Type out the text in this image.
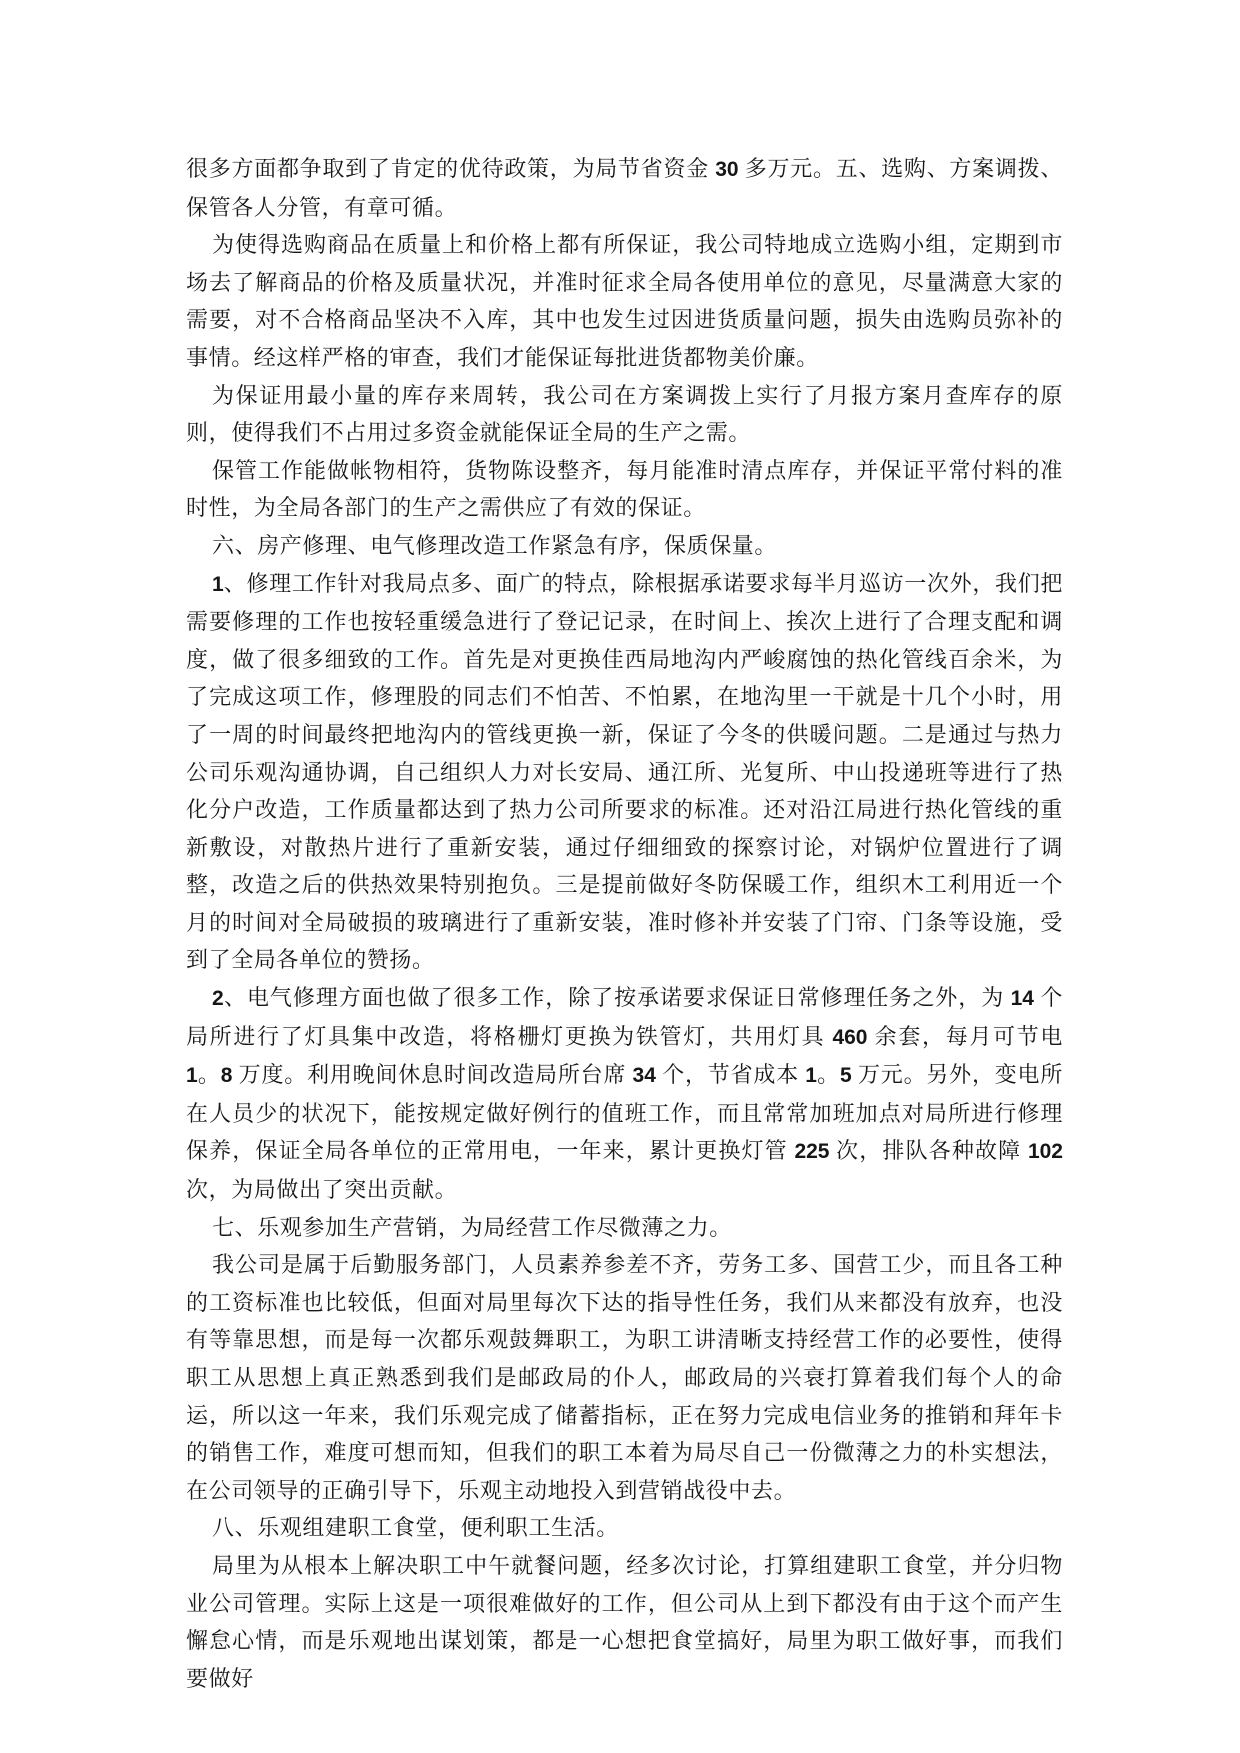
很多方面都争取到了肯定的优待政策，为局节省资金 30 多万元。五、选购、方案调拨、保管各人分管，有章可循。

为使得选购商品在质量上和价格上都有所保证，我公司特地成立选购小组，定期到市场去了解商品的价格及质量状况，并准时征求全局各使用单位的意见，尽量满意大家的需要，对不合格商品坚决不入库，其中也发生过因进货质量问题，损失由选购员弥补的事情。经这样严格的审查，我们才能保证每批进货都物美价廉。

为保证用最小量的库存来周转，我公司在方案调拨上实行了月报方案月查库存的原则，使得我们不占用过多资金就能保证全局的生产之需。

保管工作能做帐物相符，货物陈设整齐，每月能准时清点库存，并保证平常付料的准时性，为全局各部门的生产之需供应了有效的保证。

六、房产修理、电气修理改造工作紧急有序，保质保量。

1、修理工作针对我局点多、面广的特点，除根据承诺要求每半月巡访一次外，我们把需要修理的工作也按轻重缓急进行了登记记录，在时间上、挨次上进行了合理支配和调度，做了很多细致的工作。首先是对更换佳西局地沟内严峻腐蚀的热化管线百余米，为了完成这项工作，修理股的同志们不怕苦、不怕累，在地沟里一干就是十几个小时，用了一周的时间最终把地沟内的管线更换一新，保证了今冬的供暖问题。二是通过与热力公司乐观沟通协调，自己组织人力对长安局、通江所、光复所、中山投递班等进行了热化分户改造，工作质量都达到了热力公司所要求的标准。还对沿江局进行热化管线的重新敷设，对散热片进行了重新安装，通过仔细细致的探察讨论，对锅炉位置进行了调整，改造之后的供热效果特别抱负。三是提前做好冬防保暖工作，组织木工利用近一个月的时间对全局破损的玻璃进行了重新安装，准时修补并安装了门帘、门条等设施，受到了全局各单位的赞扬。

2、电气修理方面也做了很多工作，除了按承诺要求保证日常修理任务之外，为 14 个局所进行了灯具集中改造，将格栅灯更换为铁管灯，共用灯具 460 余套，每月可节电 1。8 万度。利用晚间休息时间改造局所台席 34 个，节省成本 1。5 万元。另外，变电所在人员少的状况下，能按规定做好例行的值班工作，而且常常加班加点对局所进行修理保养，保证全局各单位的正常用电，一年来，累计更换灯管 225 次，排队各种故障 102 次，为局做出了突出贡献。

七、乐观参加生产营销，为局经营工作尽微薄之力。

我公司是属于后勤服务部门，人员素养参差不齐，劳务工多、国营工少，而且各工种的工资标准也比较低，但面对局里每次下达的指导性任务，我们从来都没有放弃，也没有等靠思想，而是每一次都乐观鼓舞职工，为职工讲清晰支持经营工作的必要性，使得职工从思想上真正熟悉到我们是邮政局的仆人，邮政局的兴衰打算着我们每个人的命运，所以这一年来，我们乐观完成了储蓄指标，正在努力完成电信业务的推销和拜年卡的销售工作，难度可想而知，但我们的职工本着为局尽自己一份微薄之力的朴实想法，在公司领导的正确引导下，乐观主动地投入到营销战役中去。

八、乐观组建职工食堂，便利职工生活。

局里为从根本上解决职工中午就餐问题，经多次讨论，打算组建职工食堂，并分归物业公司管理。实际上这是一项很难做好的工作，但公司从上到下都没有由于这个而产生懈怠心情，而是乐观地出谋划策，都是一心想把食堂搞好，局里为职工做好事，而我们要做好
